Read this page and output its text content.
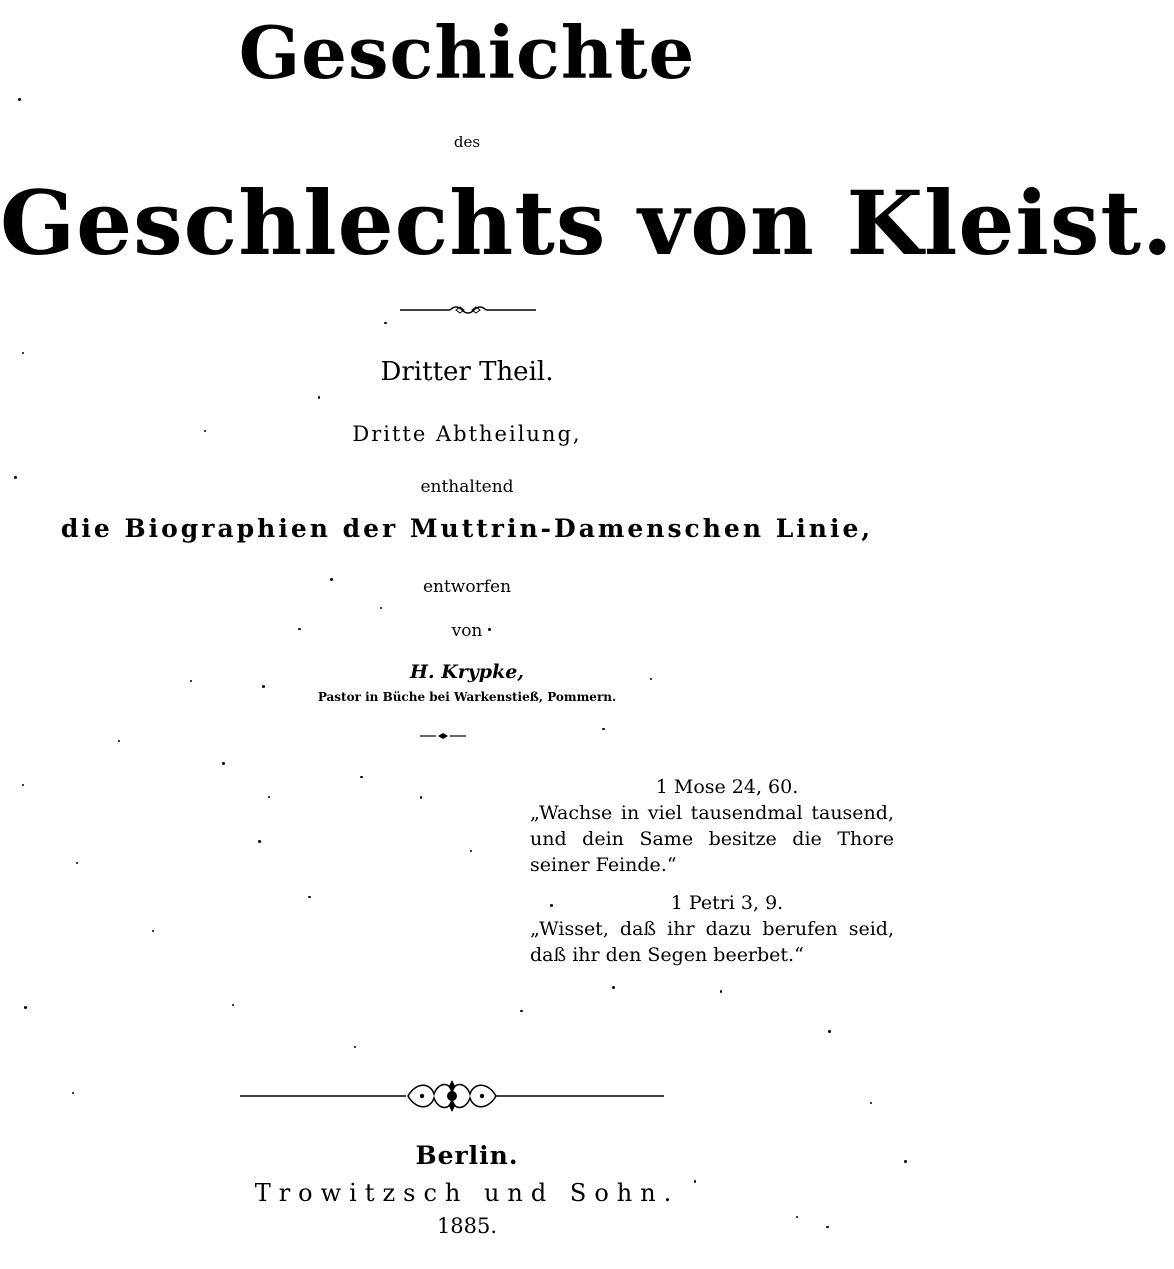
Geschichte
des
Geschlechts von Kleist.
Dritter Theil.
Dritte Abtheilung,
enthaltend
die Biographien der Muttrin-Damenschen Linie,
entworfen
von
H. Krypke,
Pastor in Büche bei Warkenstieß, Pommern.
1 Mose 24, 60.
„Wachse in viel tausendmal tausend, und dein Same besitze die Thore seiner Feinde.“
1 Petri 3, 9.
„Wisset, daß ihr dazu berufen seid, daß ihr den Segen beerbet.“
Berlin.
Trowitzsch und Sohn.
1885.
